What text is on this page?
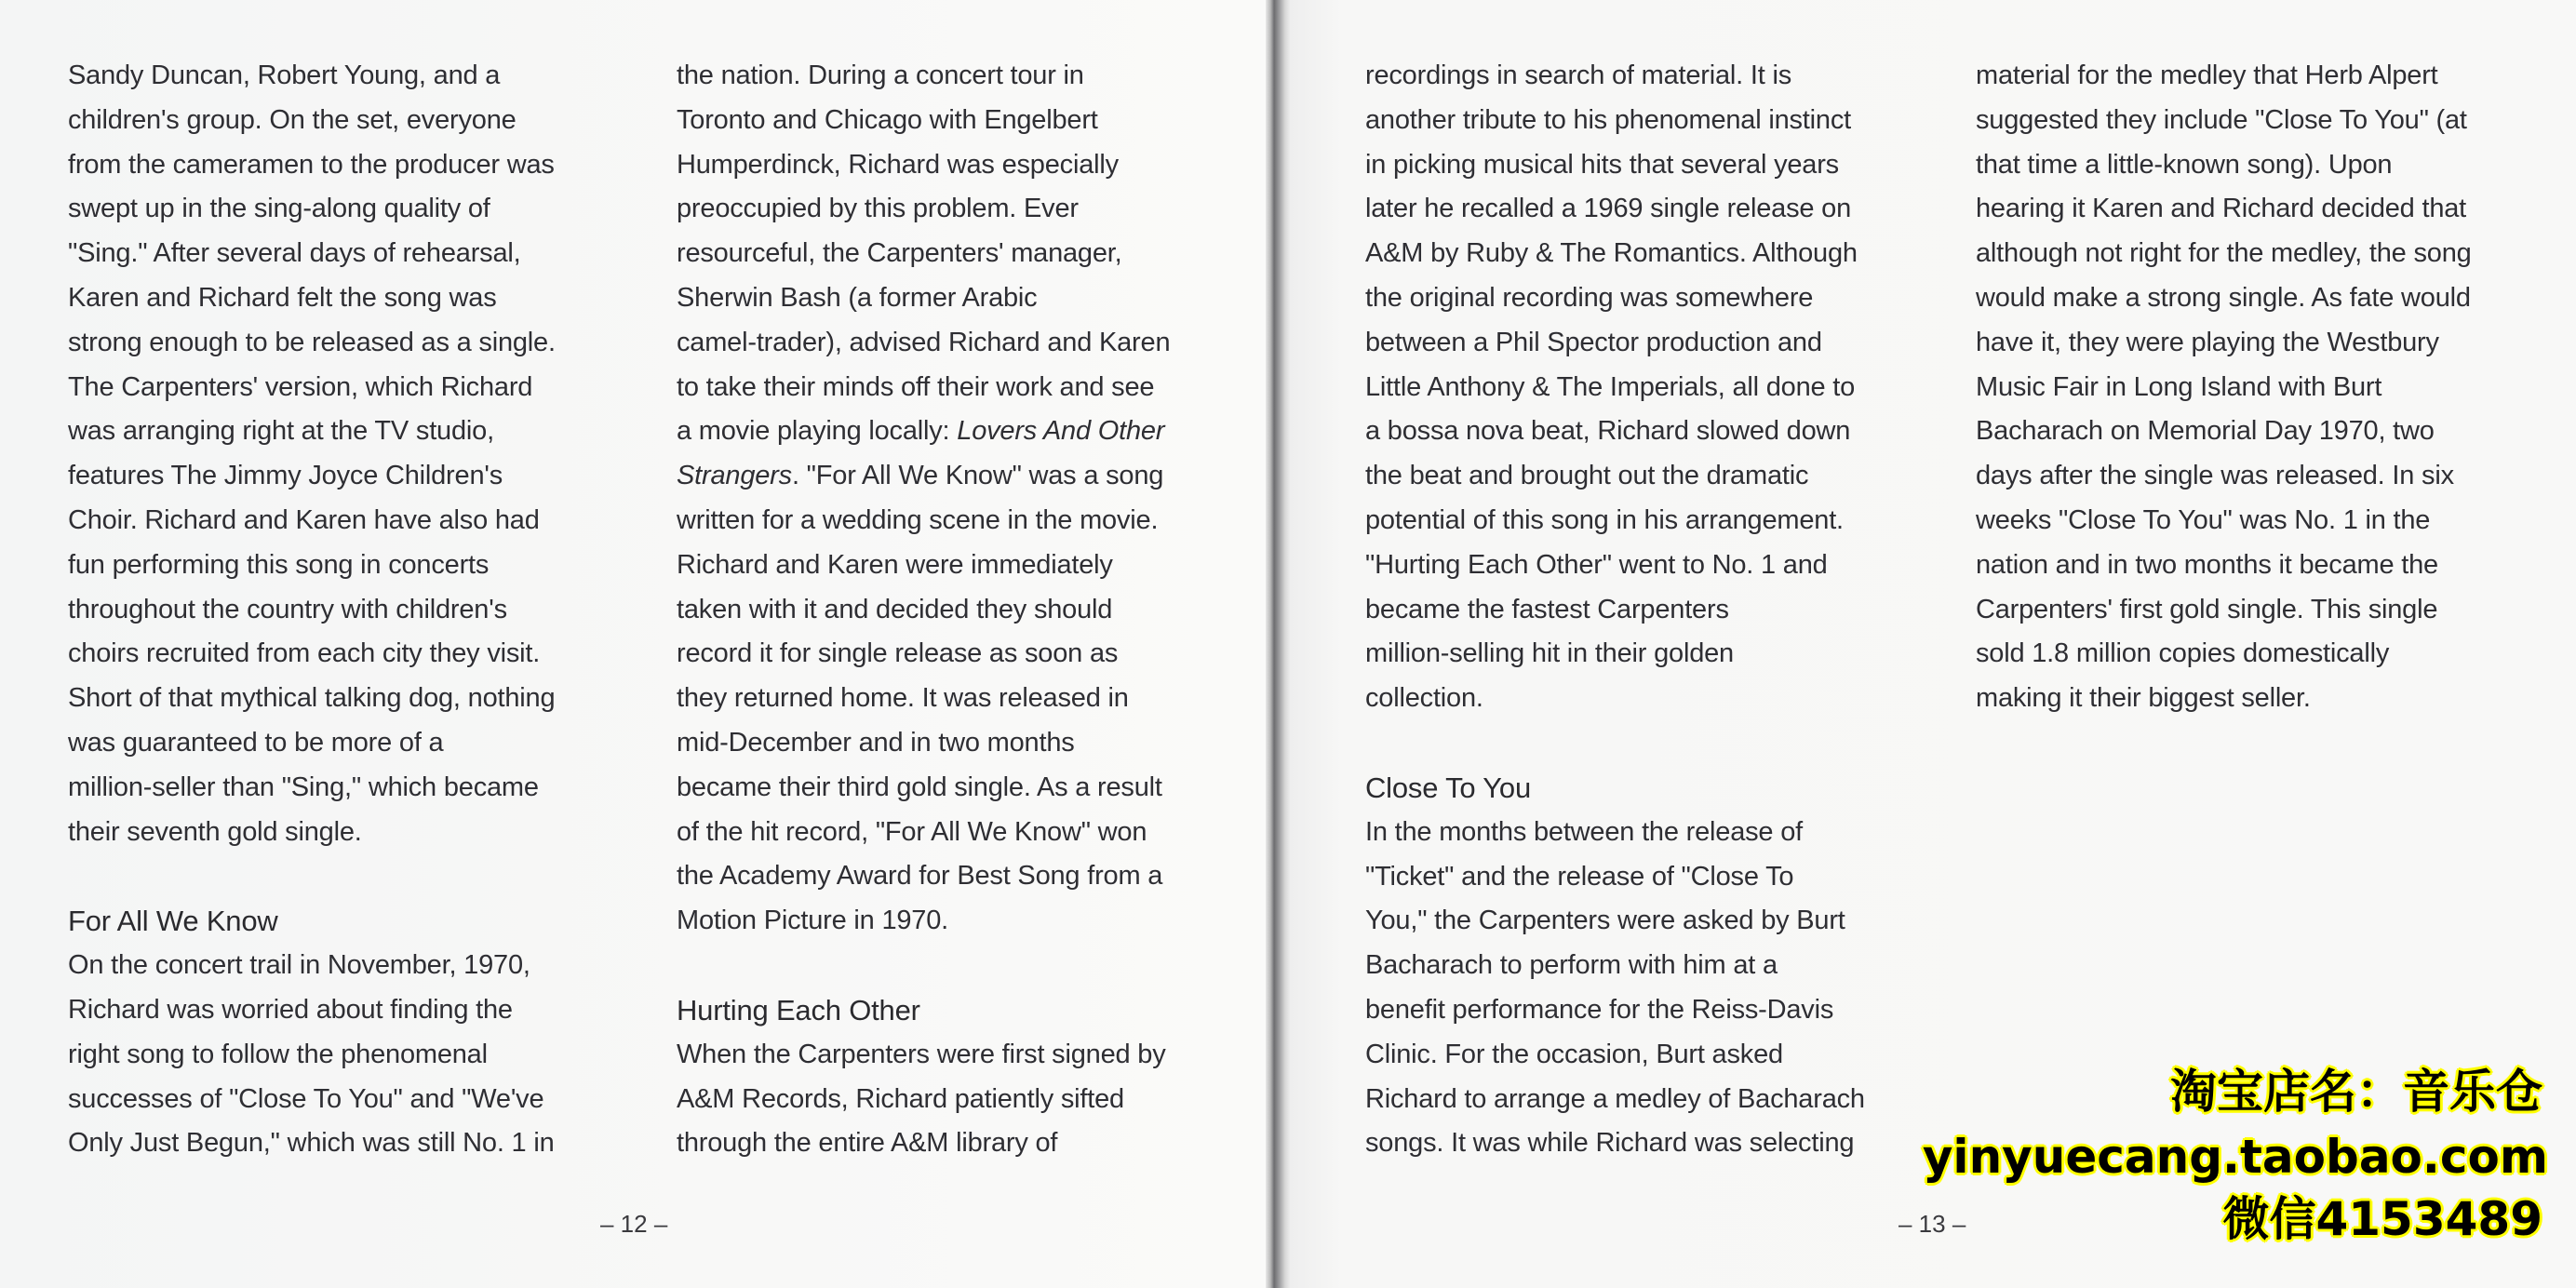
Sandy Duncan, Robert Young, and a

children's group. On the set, everyone

from the cameramen to the producer was

swept up in the sing-along quality of

"Sing." After several days of rehearsal,

Karen and Richard felt the song was

strong enough to be released as a single.

The Carpenters' version, which Richard

was arranging right at the TV studio,

features The Jimmy Joyce Children's

Choir. Richard and Karen have also had

fun performing this song in concerts

throughout the country with children's

choirs recruited from each city they visit.

Short of that mythical talking dog, nothing

was guaranteed to be more of a

million-seller than "Sing," which became

their seventh gold single.

For All We Know

On the concert trail in November, 1970,

Richard was worried about finding the

right song to follow the phenomenal

successes of "Close To You" and "We've

Only Just Begun," which was still No. 1 in

the nation. During a concert tour in

Toronto and Chicago with Engelbert

Humperdinck, Richard was especially

preoccupied by this problem. Ever

resourceful, the Carpenters' manager,

Sherwin Bash (a former Arabic

camel-trader), advised Richard and Karen

to take their minds off their work and see

a movie playing locally: Lovers And Other

Strangers. "For All We Know" was a song

written for a wedding scene in the movie.

Richard and Karen were immediately

taken with it and decided they should

record it for single release as soon as

they returned home. It was released in

mid-December and in two months

became their third gold single. As a result

of the hit record, "For All We Know" won

the Academy Award for Best Song from a

Motion Picture in 1970.

Hurting Each Other

When the Carpenters were first signed by

A&M Records, Richard patiently sifted

through the entire A&M library of

– 12 –	– 13 –

recordings in search of material. It is

another tribute to his phenomenal instinct

in picking musical hits that several years

later he recalled a 1969 single release on

A&M by Ruby & The Romantics. Although

the original recording was somewhere

between a Phil Spector production and

Little Anthony & The Imperials, all done to

a bossa nova beat, Richard slowed down

the beat and brought out the dramatic

potential of this song in his arrangement.

"Hurting Each Other" went to No. 1 and

became the fastest Carpenters

million-selling hit in their golden

collection.

Close To You

In the months between the release of

"Ticket" and the release of "Close To

You," the Carpenters were asked by Burt

Bacharach to perform with him at a

benefit performance for the Reiss-Davis

Clinic. For the occasion, Burt asked

Richard to arrange a medley of Bacharach

songs. It was while Richard was selecting

material for the medley that Herb Alpert

suggested they include "Close To You" (at

that time a little-known song). Upon

hearing it Karen and Richard decided that

although not right for the medley, the song

would make a strong single. As fate would

have it, they were playing the Westbury

Music Fair in Long Island with Burt

Bacharach on Memorial Day 1970, two

days after the single was released. In six

weeks "Close To You" was No. 1 in the

nation and in two months it became the

Carpenters' first gold single. This single

sold 1.8 million copies domestically

making it their biggest seller.

淘宝店名：音乐仓
yinyuecang.taobao.com
微信4153489
